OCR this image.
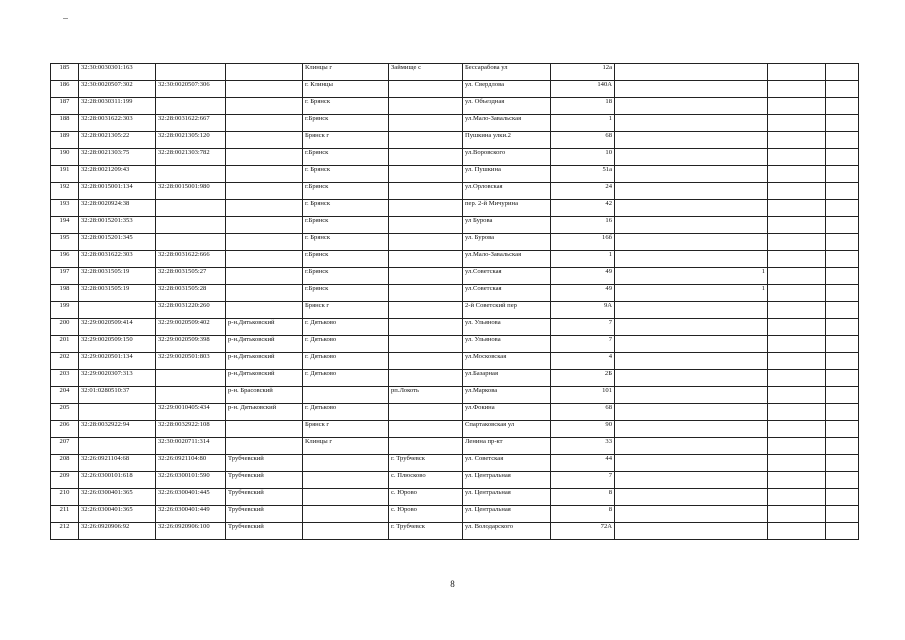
185	32:30:0030301:163			Клинцы г	Займище с	Бессарабова ул	12а			
186	32:30:0020507:302	32:30:0020507:306		г. Клинцы		ул. Свердлова	140А			
187	32:28:0030311:199			г. Брянск		ул. Объездная	18			
188	32:28:0031622:303	32:28:0031622:667		г.Брянск		ул.Мало-Завальская	1			
189	32:28:0021305:22	32:28:0021305:120		Брянск г		Пушкина улки.2	68			
190	32:28:0021303:75	32:28:0021303:782		г.Брянск		ул.Воровского	10			
191	32:28:0021209:43			г. Брянск		ул. Пушкина	51а			
192	32:28:0015001:134	32:28:0015001:980		г.Брянск		ул.Орловская	24			
193	32:28:0020924:38			г. Брянск		пер. 2-й Мичурина	42			
194	32:28:0015201:353			г.Брянск		ул Бурова	16			
195	32:28:0015201:345			г. Брянск		ул. Бурова	16б			
196	32:28:0031622:303	32:28:0031622:666		г.Брянск		ул.Мало-Завальская	1			
197	32:28:0031505:19	32:28:0031505:27		г.Брянск		ул.Советская	49	1		
198	32:28:0031505:19	32:28:0031505:28		г.Брянск		ул.Советская	49	1		
199		32:28:0031220:260		Брянск г		2-й Советский пер	9А			
200	32:29:0020509:414	32:29:0020509:402	р-н.Дятьковский	г. Дятьково		ул. Ульянова	7			
201	32:29:0020509:150	32:29:0020509:398	р-н.Дятьковский	г. Дятьково		ул. Ульянова	7			
202	32:29:0020501:134	32:29:0020501:803	р-н.Дятьковский	г. Дятьково		ул.Московская	4			
203	32:29:0020307:313		р-н.Дятьковский	г. Дятьково		ул.Базарная	2Б			
204	32:01:0280510:37		р-н. Брасовский		рп.Локоть	ул.Маркова	101			
205		32:29:0010405:434	р-н. Дятьковский	г. Дятьково		ул.Фокина	68			
206	32:28:0032922:94	32:28:0032922:108		Брянск г		Спартаковская ул	90			
207		32:30:0020711:314		Клинцы г		Ленина пр-кт	33			
208	32:26:0921104:68	32:26:0921104:80	Трубчевский		г. Трубчевск	ул. Советская	44			
209	32:26:0300101:618	32:26:0300101:590	Трубчевский		с. Плюсково	ул. Центральная	7			
210	32:26:0300401:365	32:26:0300401:445	Трубчевский		с. Юрово	ул. Центральная	8			
211	32:26:0300401:365	32:26:0300401:449	Трубчевский		с. Юрово	ул. Центральная	8			
212	32:26:0920906:92	32:26:0920906:100	Трубчевский		г. Трубчевск	ул. Володарского	72А			
8
